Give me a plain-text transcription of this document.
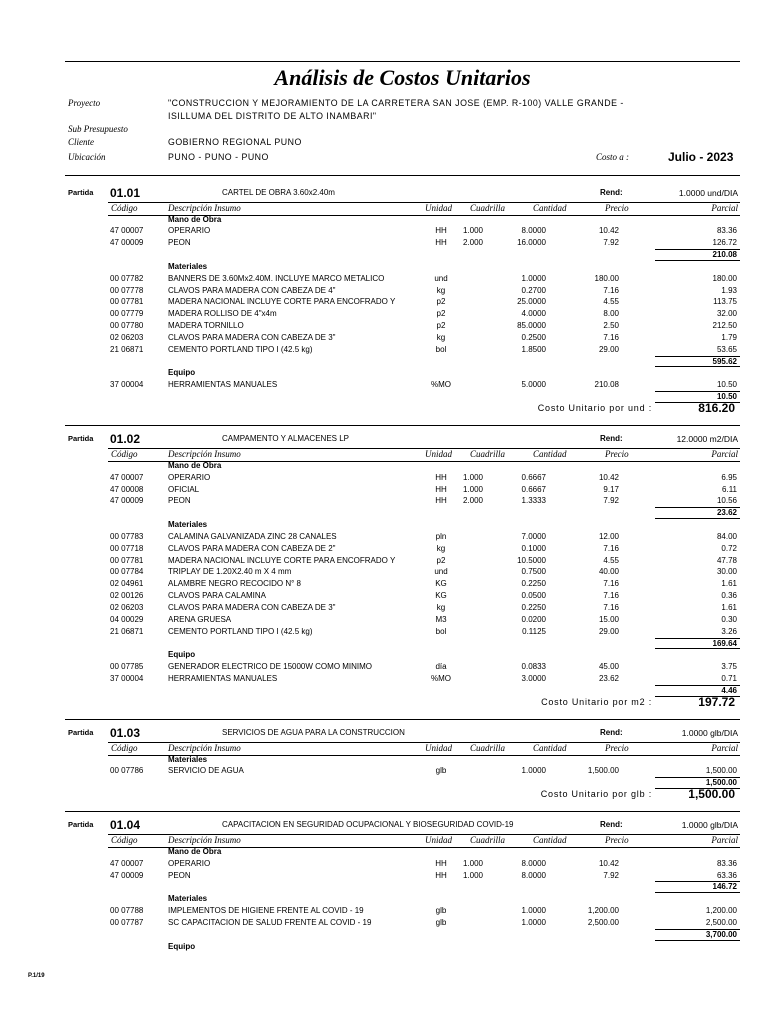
Análisis de Costos Unitarios
Proyecto	"CONSTRUCCION Y MEJORAMIENTO DE LA CARRETERA SAN JOSE (EMP. R-100) VALLE GRANDE -
ISILLUMA DEL DISTRITO DE ALTO INAMBARI"
Sub Presupuesto
Cliente	GOBIERNO REGIONAL PUNO
Ubicación	PUNO - PUNO - PUNO	Costo a :	Julio - 2023
Partida 01.01	CARTEL DE OBRA 3.60x2.40m	Rend:	1.0000 und/DIA
Código	Descripción Insumo	Unidad Cuadrilla	Cantidad	Precio	Parcial
Mano de Obra
47 00007	OPERARIO	HH	1.000	8.0000	10.42	83.36
47 00009	PEON	HH	2.000	16.0000	7.92	126.72
210.08
Materiales
00 07782	BANNERS DE 3.60Mx2.40M. INCLUYE MARCO METALICO	und	1.0000	180.00	180.00
00 07778	CLAVOS PARA MADERA CON CABEZA DE 4"	kg	0.2700	7.16	1.93
00 07781	MADERA NACIONAL INCLUYE CORTE PARA ENCOFRADO Y	p2	25.0000	4.55	113.75
00 07779	MADERA ROLLISO DE 4"x4m	p2	4.0000	8.00	32.00
00 07780	MADERA TORNILLO	p2	85.0000	2.50	212.50
02 06203	CLAVOS PARA MADERA CON CABEZA DE 3"	kg	0.2500	7.16	1.79
21 06871	CEMENTO PORTLAND TIPO I (42.5 kg)	bol	1.8500	29.00	53.65
595.62
Equipo
37 00004	HERRAMIENTAS MANUALES	%MO	5.0000	210.08	10.50
10.50
Costo Unitario por und :	816.20
Partida 01.02	CAMPAMENTO Y ALMACENES LP	Rend:	12.0000 m2/DIA
Código	Descripción Insumo	Unidad Cuadrilla	Cantidad	Precio	Parcial
Mano de Obra
47 00007	OPERARIO	HH	1.000	0.6667	10.42	6.95
47 00008	OFICIAL	HH	1.000	0.6667	9.17	6.11
47 00009	PEON	HH	2.000	1.3333	7.92	10.56
23.62
Materiales
00 07783	CALAMINA GALVANIZADA ZINC 28 CANALES	pln	7.0000	12.00	84.00
00 07718	CLAVOS PARA MADERA CON CABEZA DE 2"	kg	0.1000	7.16	0.72
00 07781	MADERA NACIONAL INCLUYE CORTE PARA ENCOFRADO Y	p2	10.5000	4.55	47.78
00 07784	TRIPLAY DE 1.20X2.40 m X 4 mm	und	0.7500	40.00	30.00
02 04961	ALAMBRE NEGRO RECOCIDO N° 8	KG	0.2250	7.16	1.61
02 00126	CLAVOS PARA CALAMINA	KG	0.0500	7.16	0.36
02 06203	CLAVOS PARA MADERA CON CABEZA DE 3"	kg	0.2250	7.16	1.61
04 00029	ARENA GRUESA	M3	0.0200	15.00	0.30
21 06871	CEMENTO PORTLAND TIPO I (42.5 kg)	bol	0.1125	29.00	3.26
169.64
Equipo
00 07785	GENERADOR ELECTRICO DE 15000W COMO MINIMO	día	0.0833	45.00	3.75
37 00004	HERRAMIENTAS MANUALES	%MO	3.0000	23.62	0.71
4.46
Costo Unitario por m2 :	197.72
Partida 01.03	SERVICIOS DE AGUA PARA LA CONSTRUCCION	Rend:	1.0000 glb/DIA
Código	Descripción Insumo	Unidad Cuadrilla	Cantidad	Precio	Parcial
Materiales
00 07786	SERVICIO DE AGUA	glb	1.0000	1,500.00	1,500.00
1,500.00
Costo Unitario por glb :	1,500.00
Partida 01.04	CAPACITACION EN SEGURIDAD OCUPACIONAL Y BIOSEGURIDAD COVID-19	Rend:	1.0000 glb/DIA
Código	Descripción Insumo	Unidad Cuadrilla	Cantidad	Precio	Parcial
Mano de Obra
47 00007	OPERARIO	HH	1.000	8.0000	10.42	83.36
47 00009	PEON	HH	1.000	8.0000	7.92	63.36
146.72
Materiales
00 07788	IMPLEMENTOS DE HIGIENE FRENTE AL COVID - 19	glb	1.0000	1,200.00	1,200.00
00 07787	SC CAPACITACION DE SALUD FRENTE AL COVID - 19	glb	1.0000	2,500.00	2,500.00
3,700.00
Equipo
P.1/19
